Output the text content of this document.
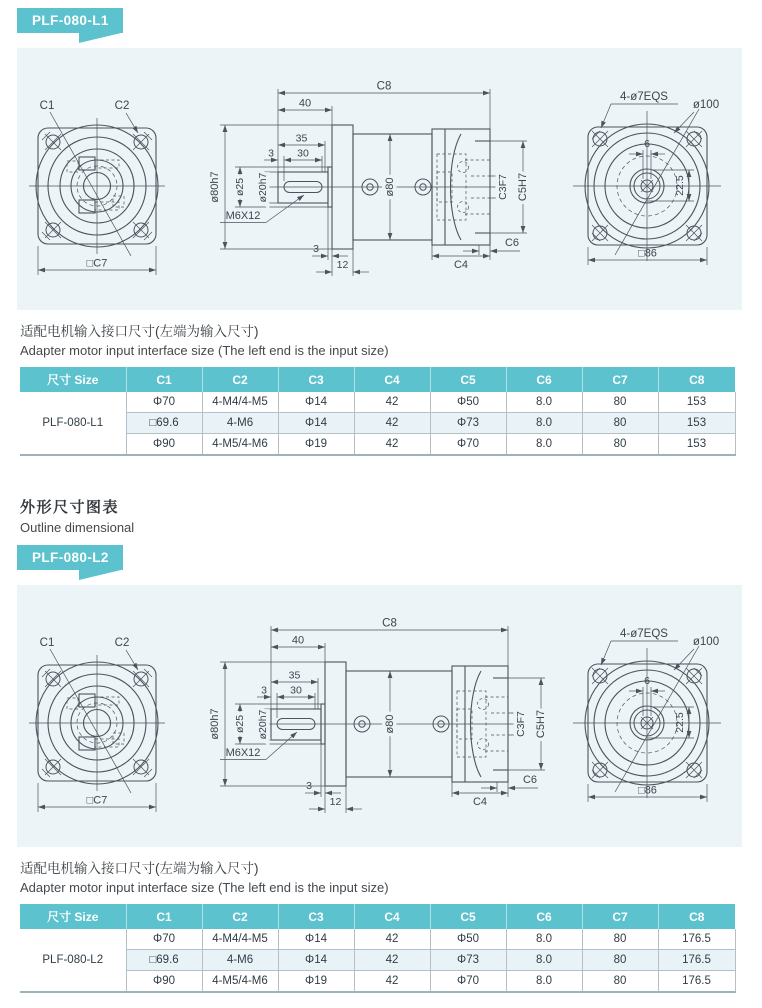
PLF-080-L1
C1	C2
□C7
C8
40
35
30
3
ø80h7 ø25 ø20h7	ø80
M6X12
C3F7 C5H7
3
12	C4
C6
6
22.5
ø100
4-ø7EQS
□86
适配电机输入接口尺寸(左端为输入尺寸)
Adapter motor input interface size (The left end is the input size)
尺寸 Size	C1	C2	C3	C4	C5	C6	C7	C8
PLF-080-L1	Φ70	4-M4/4-M5	Φ14	42	Φ50	8.0	80	153
	□69.6	4-M6	Φ14	42	Φ73	8.0	80	153
	Φ90	4-M5/4-M6	Φ19	42	Φ70	8.0	80	153
外形尺寸图表
Outline dimensional
PLF-080-L2
C1	C2
□C7
C8
40
35
30
3
ø80h7 ø25 ø20h7	ø80
M6X12
C3F7 C5H7
3
12	C4
C6
6
22.5
ø100
4-ø7EQS
□86
适配电机输入接口尺寸(左端为输入尺寸)
Adapter motor input interface size (The left end is the input size)
尺寸 Size	C1	C2	C3	C4	C5	C6	C7	C8
PLF-080-L2	Φ70	4-M4/4-M5	Φ14	42	Φ50	8.0	80	176.5
	□69.6	4-M6	Φ14	42	Φ73	8.0	80	176.5
	Φ90	4-M5/4-M6	Φ19	42	Φ70	8.0	80	176.5
